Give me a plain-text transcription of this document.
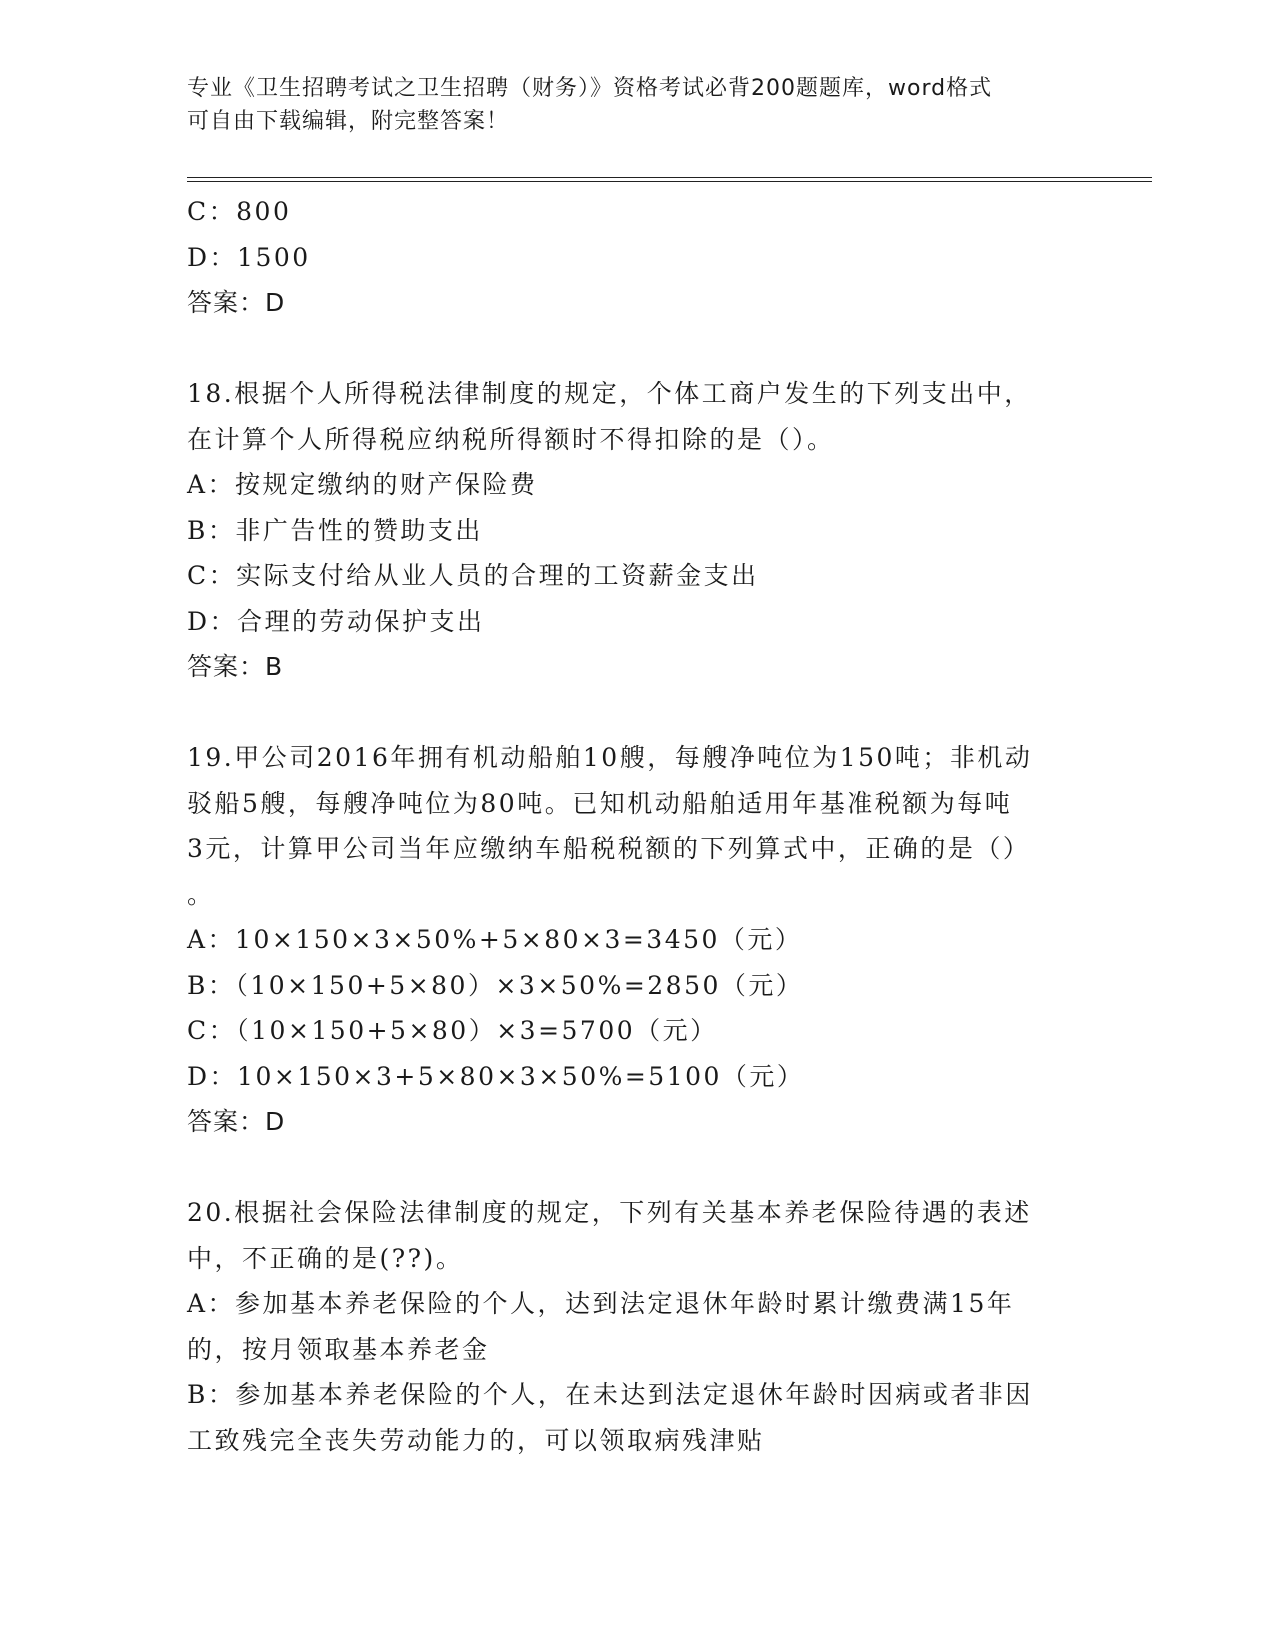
专业《卫生招聘考试之卫生招聘（财务）》资格考试必背200题题库，word格式
可自由下载编辑，附完整答案！
C：800
D：1500
答案：D
18.根据个人所得税法律制度的规定，个体工商户发生的下列支出中，
在计算个人所得税应纳税所得额时不得扣除的是（）。
A：按规定缴纳的财产保险费
B：非广告性的赞助支出
C：实际支付给从业人员的合理的工资薪金支出
D：合理的劳动保护支出
答案：B
19.甲公司2016年拥有机动船舶10艘，每艘净吨位为150吨；非机动
驳船5艘，每艘净吨位为80吨。已知机动船舶适用年基准税额为每吨
3元，计算甲公司当年应缴纳车船税税额的下列算式中，正确的是（）
。
A：10×150×3×50%+5×80×3=3450（元）
B：（10×150+5×80）×3×50%=2850（元）
C：（10×150+5×80）×3=5700（元）
D：10×150×3+5×80×3×50%=5100（元）
答案：D
20.根据社会保险法律制度的规定，下列有关基本养老保险待遇的表述
中，不正确的是(??)。
A：参加基本养老保险的个人，达到法定退休年龄时累计缴费满15年
的，按月领取基本养老金
B：参加基本养老保险的个人，在未达到法定退休年龄时因病或者非因
工致残完全丧失劳动能力的，可以领取病残津贴
